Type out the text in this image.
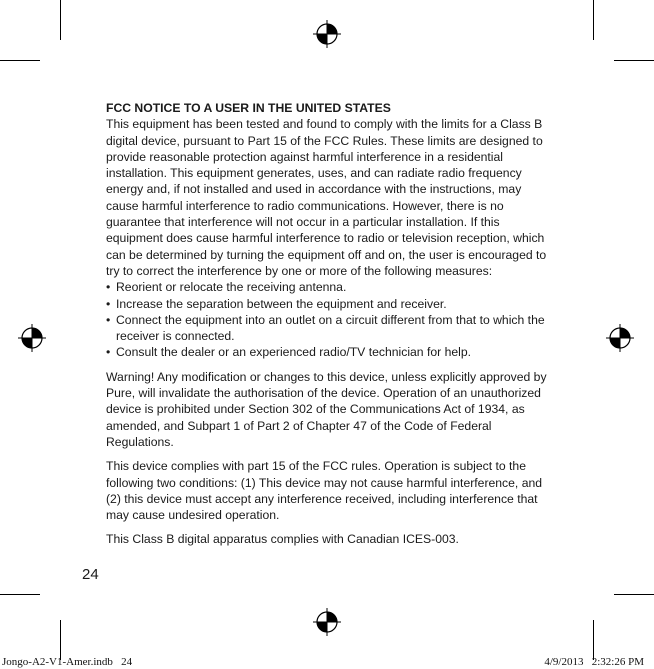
FCC NOTICE TO A USER IN THE UNITED STATES

This equipment has been tested and found to comply with the limits for a Class B digital device, pursuant to Part 15 of the FCC Rules. These limits are designed to provide reasonable protection against harmful interference in a residential installation. This equipment generates, uses, and can radiate radio frequency energy and, if not installed and used in accordance with the instructions, may cause harmful interference to radio communications. However, there is no guarantee that interference will not occur in a particular installation. If this equipment does cause harmful interference to radio or television reception, which can be determined by turning the equipment off and on, the user is encouraged to try to correct the interference by one or more of the following measures:

• Reorient or relocate the receiving antenna.
• Increase the separation between the equipment and receiver.
• Connect the equipment into an outlet on a circuit different from that to which the receiver is connected.
• Consult the dealer or an experienced radio/TV technician for help.

Warning! Any modification or changes to this device, unless explicitly approved by Pure, will invalidate the authorisation of the device. Operation of an unauthorized device is prohibited under Section 302 of the Communications Act of 1934, as amended, and Subpart 1 of Part 2 of Chapter 47 of the Code of Federal Regulations.

This device complies with part 15 of the FCC rules. Operation is subject to the following two conditions: (1) This device may not cause harmful interference, and (2) this device must accept any interference received, including interference that may cause undesired operation.

This Class B digital apparatus complies with Canadian ICES-003.

24
Jongo-A2-V1-Amer.indb   24	4/9/2013   2:32:26 PM
